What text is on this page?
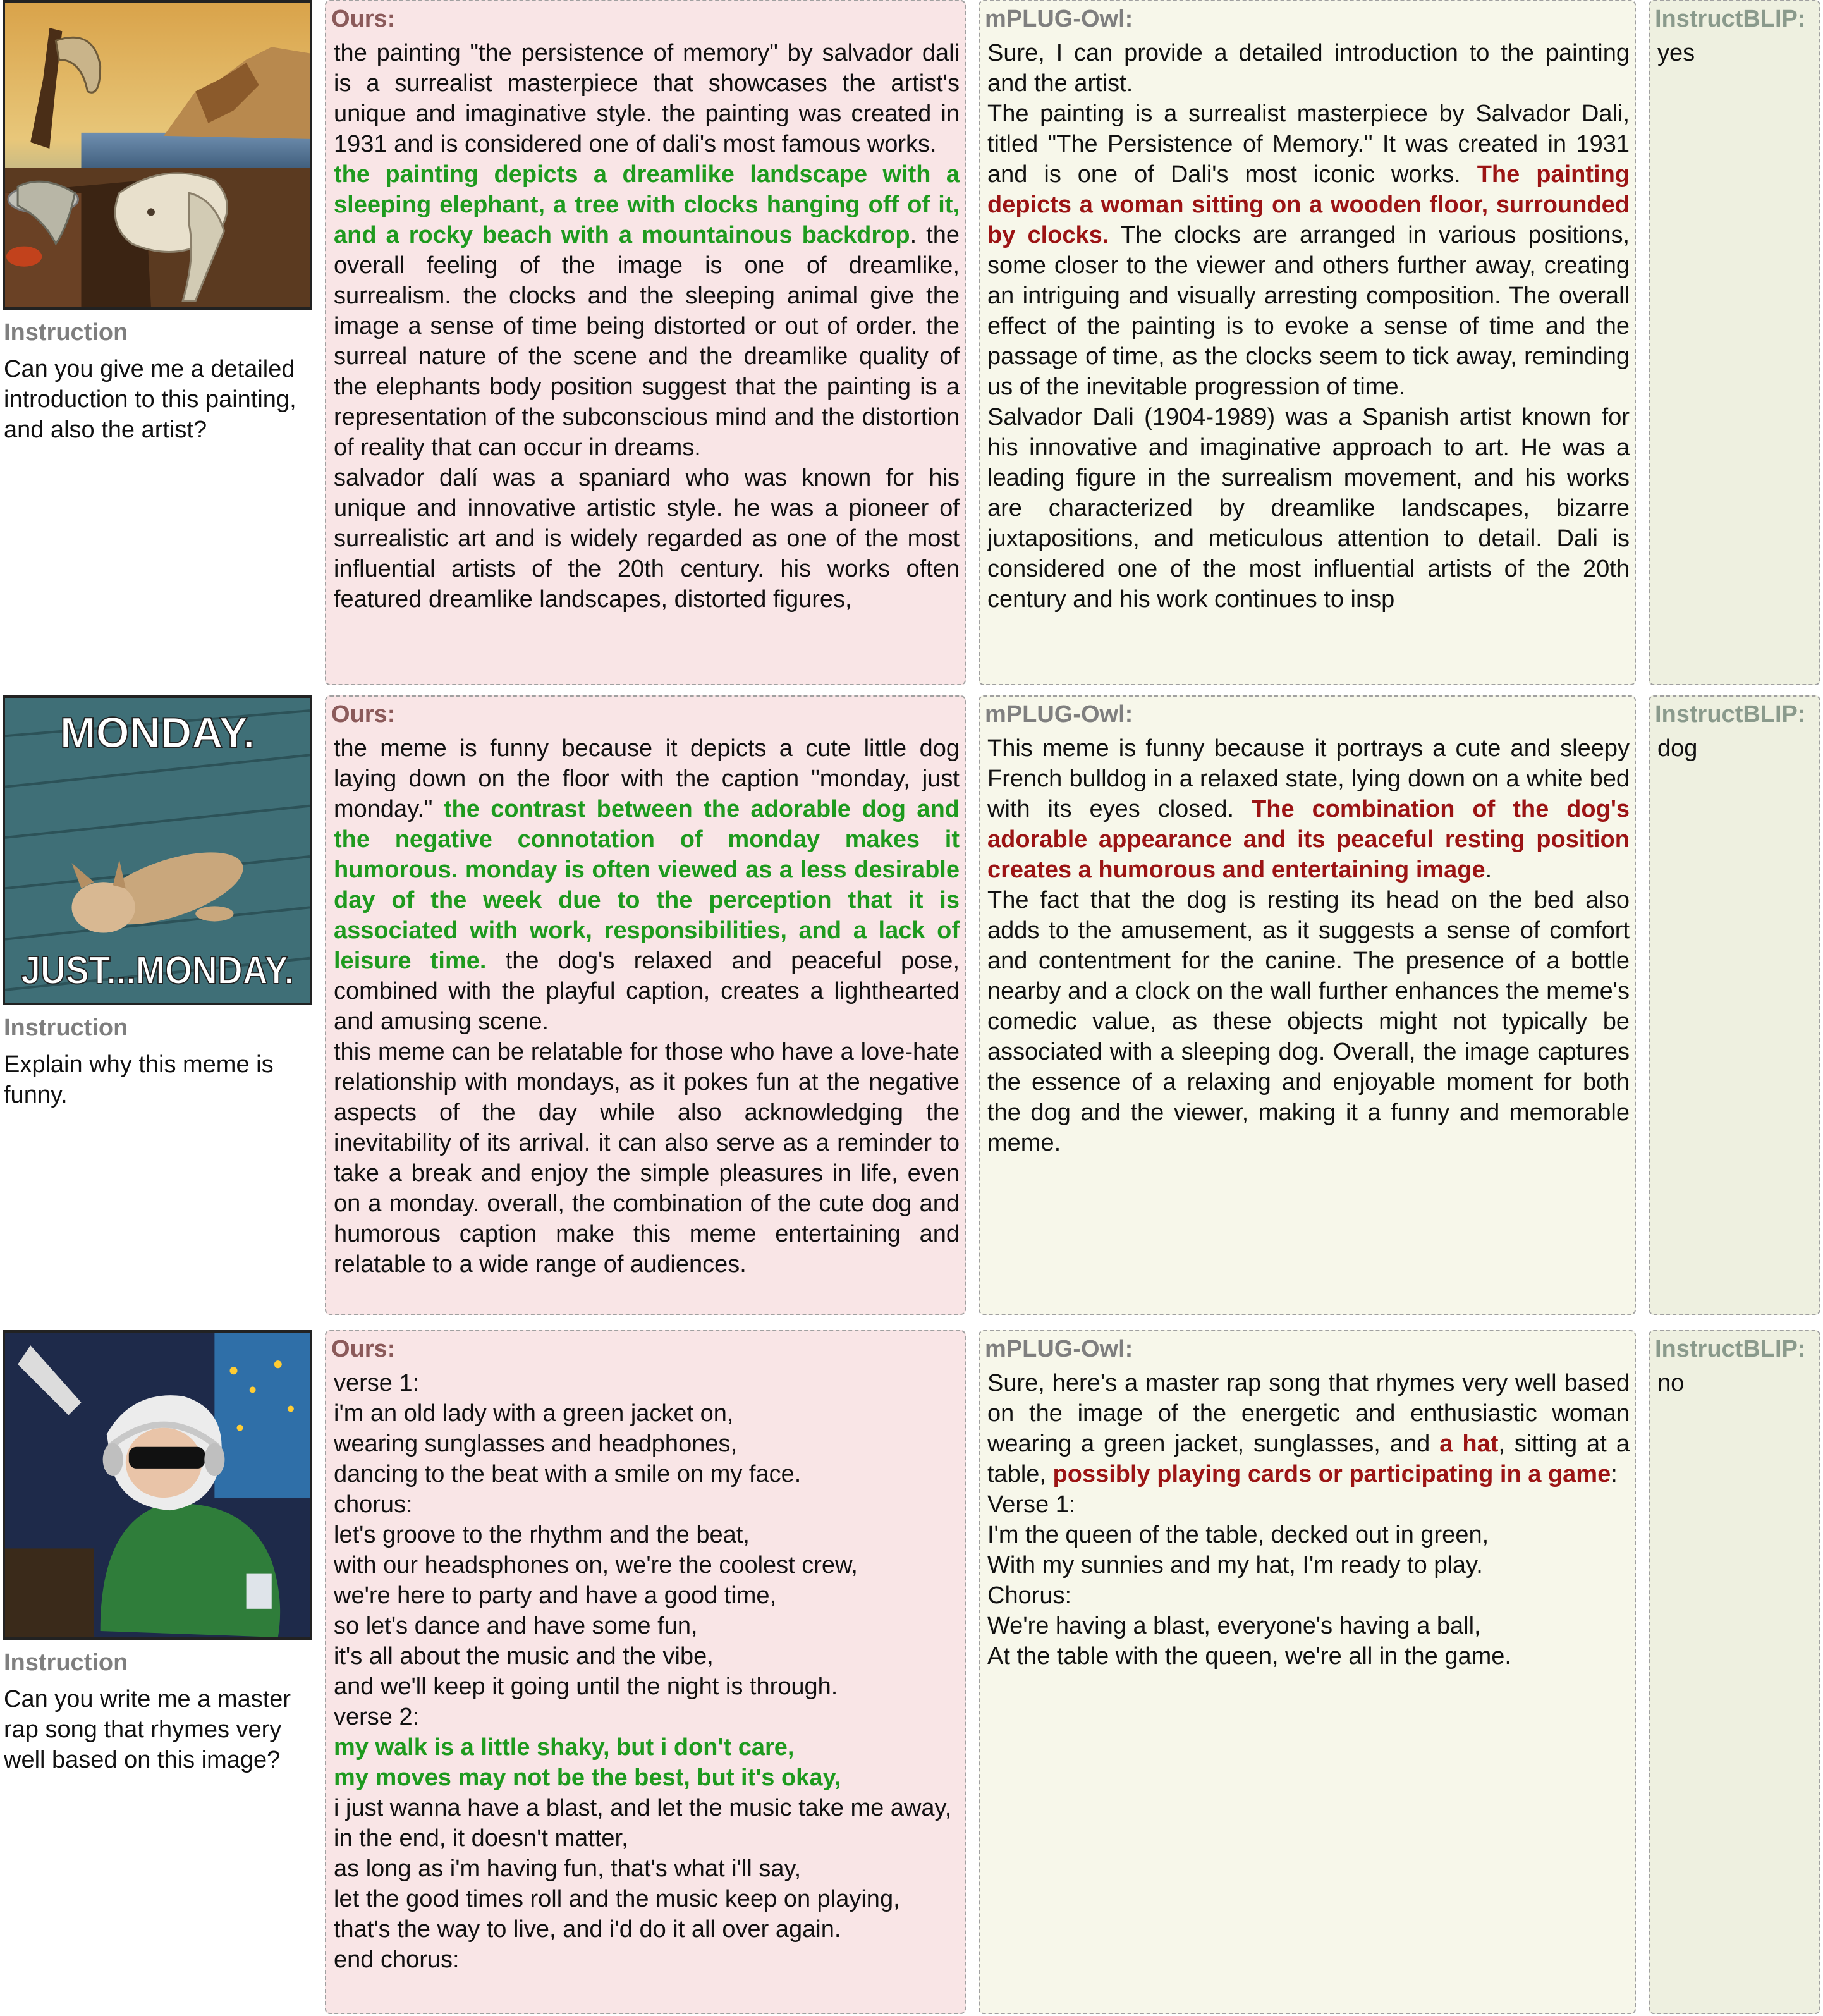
Instruction
Can you give me a detailed introduction to this painting, and also the artist?
Ours:
the painting "the persistence of memory" by salvador dali is a surrealist masterpiece that showcases the artist's unique and imaginative style. the painting was created in 1931 and is considered one of dali's most famous works.
the painting depicts a dreamlike landscape with a sleeping elephant, a tree with clocks hanging off of it, and a rocky beach with a mountainous backdrop. the overall feeling of the image is one of dreamlike, surrealism. the clocks and the sleeping animal give the image a sense of time being distorted or out of order. the surreal nature of the scene and the dreamlike quality of the elephants body position suggest that the painting is a representation of the subconscious mind and the distortion of reality that can occur in dreams.
salvador dalí was a spaniard who was known for his unique and innovative artistic style. he was a pioneer of surrealistic art and is widely regarded as one of the most influential artists of the 20th century. his works often featured dreamlike landscapes, distorted figures,
mPLUG-Owl:
Sure, I can provide a detailed introduction to the painting and the artist.
The painting is a surrealist masterpiece by Salvador Dali, titled "The Persistence of Memory." It was created in 1931 and is one of Dali's most iconic works. The painting depicts a woman sitting on a wooden floor, surrounded by clocks. The clocks are arranged in various positions, some closer to the viewer and others further away, creating an intriguing and visually arresting composition. The overall effect of the painting is to evoke a sense of time and the passage of time, as the clocks seem to tick away, reminding us of the inevitable progression of time.
Salvador Dali (1904-1989) was a Spanish artist known for his innovative and imaginative approach to art. He was a leading figure in the surrealism movement, and his works are characterized by dreamlike landscapes, bizarre juxtapositions, and meticulous attention to detail. Dali is considered one of the most influential artists of the 20th century and his work continues to insp
InstructBLIP:
yes
MONDAY.
JUST...MONDAY.
Instruction
Explain why this meme is funny.
Ours:
the meme is funny because it depicts a cute little dog laying down on the floor with the caption "monday, just monday." the contrast between the adorable dog and the negative connotation of monday makes it humorous. monday is often viewed as a less desirable day of the week due to the perception that it is associated with work, responsibilities, and a lack of leisure time. the dog's relaxed and peaceful pose, combined with the playful caption, creates a lighthearted and amusing scene.
this meme can be relatable for those who have a love-hate relationship with mondays, as it pokes fun at the negative aspects of the day while also acknowledging the inevitability of its arrival. it can also serve as a reminder to take a break and enjoy the simple pleasures in life, even on a monday. overall, the combination of the cute dog and humorous caption make this meme entertaining and relatable to a wide range of audiences.
mPLUG-Owl:
This meme is funny because it portrays a cute and sleepy French bulldog in a relaxed state, lying down on a white bed with its eyes closed. The combination of the dog's adorable appearance and its peaceful resting position creates a humorous and entertaining image.
The fact that the dog is resting its head on the bed also adds to the amusement, as it suggests a sense of comfort and contentment for the canine. The presence of a bottle nearby and a clock on the wall further enhances the meme's comedic value, as these objects might not typically be associated with a sleeping dog. Overall, the image captures the essence of a relaxing and enjoyable moment for both the dog and the viewer, making it a funny and memorable meme.
InstructBLIP:
dog
Instruction
Can you write me a master rap song that rhymes very well based on this image?
Ours:
verse 1:
i'm an old lady with a green jacket on,
wearing sunglasses and headphones,
dancing to the beat with a smile on my face.
chorus:
let's groove to the rhythm and the beat,
with our headsphones on, we're the coolest crew,
we're here to party and have a good time,
so let's dance and have some fun,
it's all about the music and the vibe,
and we'll keep it going until the night is through.
verse 2:
my walk is a little shaky, but i don't care,
my moves may not be the best, but it's okay,
i just wanna have a blast, and let the music take me away,
in the end, it doesn't matter,
as long as i'm having fun, that's what i'll say,
let the good times roll and the music keep on playing,
that's the way to live, and i'd do it all over again.
end chorus:
mPLUG-Owl:
Sure, here's a master rap song that rhymes very well based on the image of the energetic and enthusiastic woman wearing a green jacket, sunglasses, and a hat, sitting at a table, possibly playing cards or participating in a game:
Verse 1:
I'm the queen of the table, decked out in green,
With my sunnies and my hat, I'm ready to play.
Chorus:
We're having a blast, everyone's having a ball,
At the table with the queen, we're all in the game.
InstructBLIP:
no
